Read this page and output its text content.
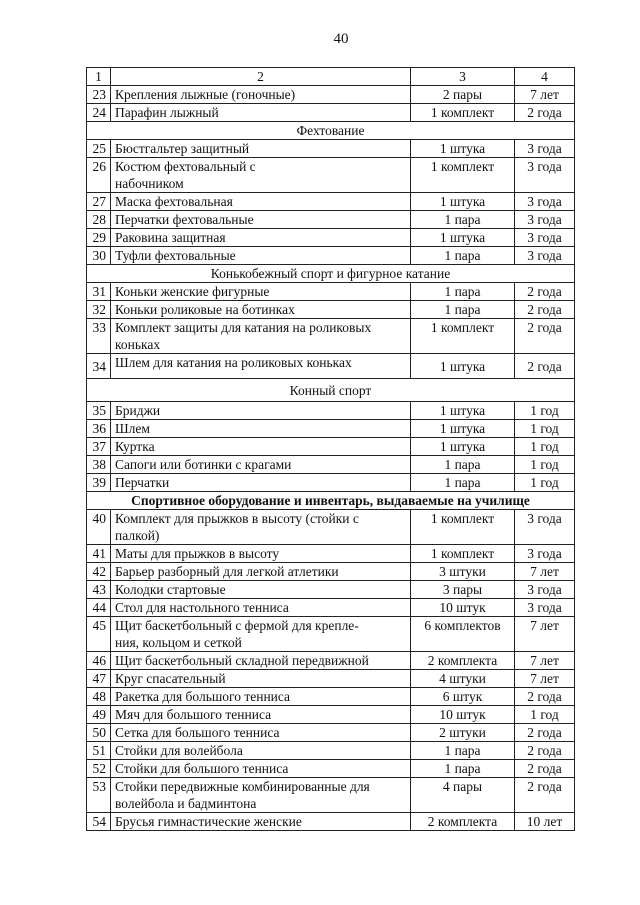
40
1	2	3	4
23	Крепления лыжные (гоночные)	2 пары	7 лет
24	Парафин лыжный	1 комплект	2 года
Фехтование			
25	Бюстгальтер защитный	1 штука	3 года
26	Костюм фехтовальный с
набочником	1 комплект	3 года
27	Маска фехтовальная	1 штука	3 года
28	Перчатки фехтовальные	1 пара	3 года
29	Раковина защитная	1 штука	3 года
30	Туфли фехтовальные	1 пара	3 года
Конькобежный спорт и фигурное катание			
31	Коньки женские фигурные	1 пара	2 года
32	Коньки роликовые на ботинках	1 пара	2 года
33	Комплект защиты для катания на роликовых
коньках	1 комплект	2 года
34	Шлем для катания на роликовых коньках	1 штука	2 года
Конный спорт			
35	Бриджи	1 штука	1 год
36	Шлем	1 штука	1 год
37	Куртка	1 штука	1 год
38	Сапоги или ботинки с крагами	1 пара	1 год
39	Перчатки	1 пара	1 год
Спортивное оборудование и инвентарь, выдаваемые на училище			
40	Комплект для прыжков в высоту (стойки с
палкой)	1 комплект	3 года
41	Маты для прыжков в высоту	1 комплект	3 года
42	Барьер разборный для легкой атлетики	3 штуки	7 лет
43	Колодки стартовые	3 пары	3 года
44	Стол для настольного тенниса	10 штук	3 года
45	Щит баскетбольный с фермой для крепле-
ния, кольцом и сеткой	6 комплектов	7 лет
46	Щит баскетбольный складной передвижной	2 комплекта	7 лет
47	Круг спасательный	4 штуки	7 лет
48	Ракетка для большого тенниса	6 штук	2 года
49	Мяч для большого тенниса	10 штук	1 год
50	Сетка для большого тенниса	2 штуки	2 года
51	Стойки для волейбола	1 пара	2 года
52	Стойки для большого тенниса	1 пара	2 года
53	Стойки передвижные комбинированные для
волейбола и бадминтона	4 пары	2 года
54	Брусья гимнастические женские	2 комплекта	10 лет
